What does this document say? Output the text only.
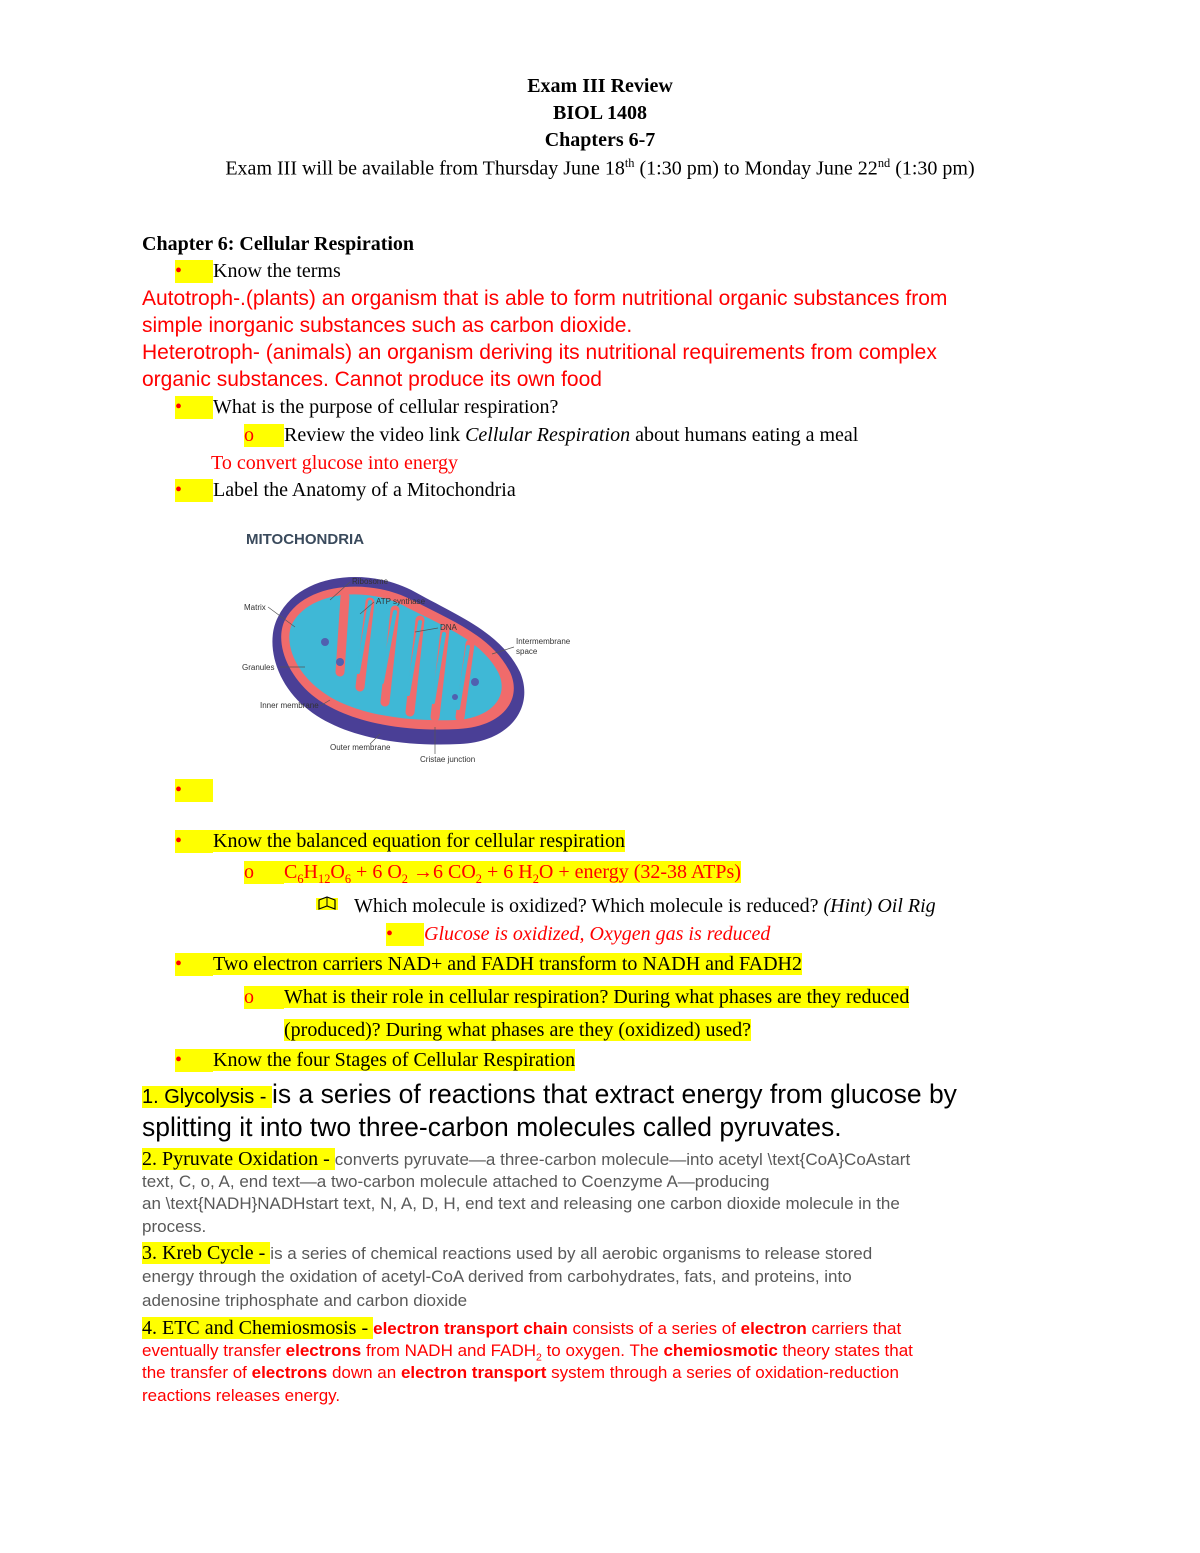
Exam III Review
BIOL 1408
Chapters 6-7
Exam III will be available from Thursday June 18th (1:30 pm) to Monday June 22nd (1:30 pm)
Chapter 6: Cellular Respiration
• Know the terms
Autotroph-.(plants) an organism that is able to form nutritional organic substances from
simple inorganic substances such as carbon dioxide.
Heterotroph- (animals) an organism deriving its nutritional requirements from complex
organic substances. Cannot produce its own food
• What is the purpose of cellular respiration?
o Review the video link Cellular Respiration about humans eating a meal
To convert glucose into energy
• Label the Anatomy of a Mitochondria
MITOCHONDRIA
Ribosome
ATP synthase
Matrix
DNA
Intermembrane
space
Granules
Inner membrane
Outer membrane
Cristae junction
•
• Know the balanced equation for cellular respiration
o $C_6H_{12}O_6 + 6$ $O_2 \to 6$ $CO_2 + 6$ $H_2O$ + energy (32-38 ATPs)
Which molecule is oxidized? Which molecule is reduced? (Hint) Oil Rig
• Glucose is oxidized, Oxygen gas is reduced
• Two electron carriers NAD+ and FADH transform to NADH and FADH2
o What is their role in cellular respiration? During what phases are they reduced
(produced)? During what phases are they (oxidized) used?
• Know the four Stages of Cellular Respiration
1. Glycolysis - is a series of reactions that extract energy from glucose by
splitting it into two three-carbon molecules called pyruvates.
2. Pyruvate Oxidation - converts pyruvate—a three-carbon molecule—into acetyl \text{CoA}CoAstart
text, C, o, A, end text—a two-carbon molecule attached to Coenzyme A—producing
an \text{NADH}NADHstart text, N, A, D, H, end text and releasing one carbon dioxide molecule in the
process.
3. Kreb Cycle - is a series of chemical reactions used by all aerobic organisms to release stored
energy through the oxidation of acetyl-CoA derived from carbohydrates, fats, and proteins, into
adenosine triphosphate and carbon dioxide
4. ETC and Chemiosmosis - electron transport chain consists of a series of electron carriers that
eventually transfer electrons from NADH and $FADH_2$ to oxygen. The chemiosmotic theory states that
the transfer of electrons down an electron transport system through a series of oxidation-reduction
reactions releases energy.
